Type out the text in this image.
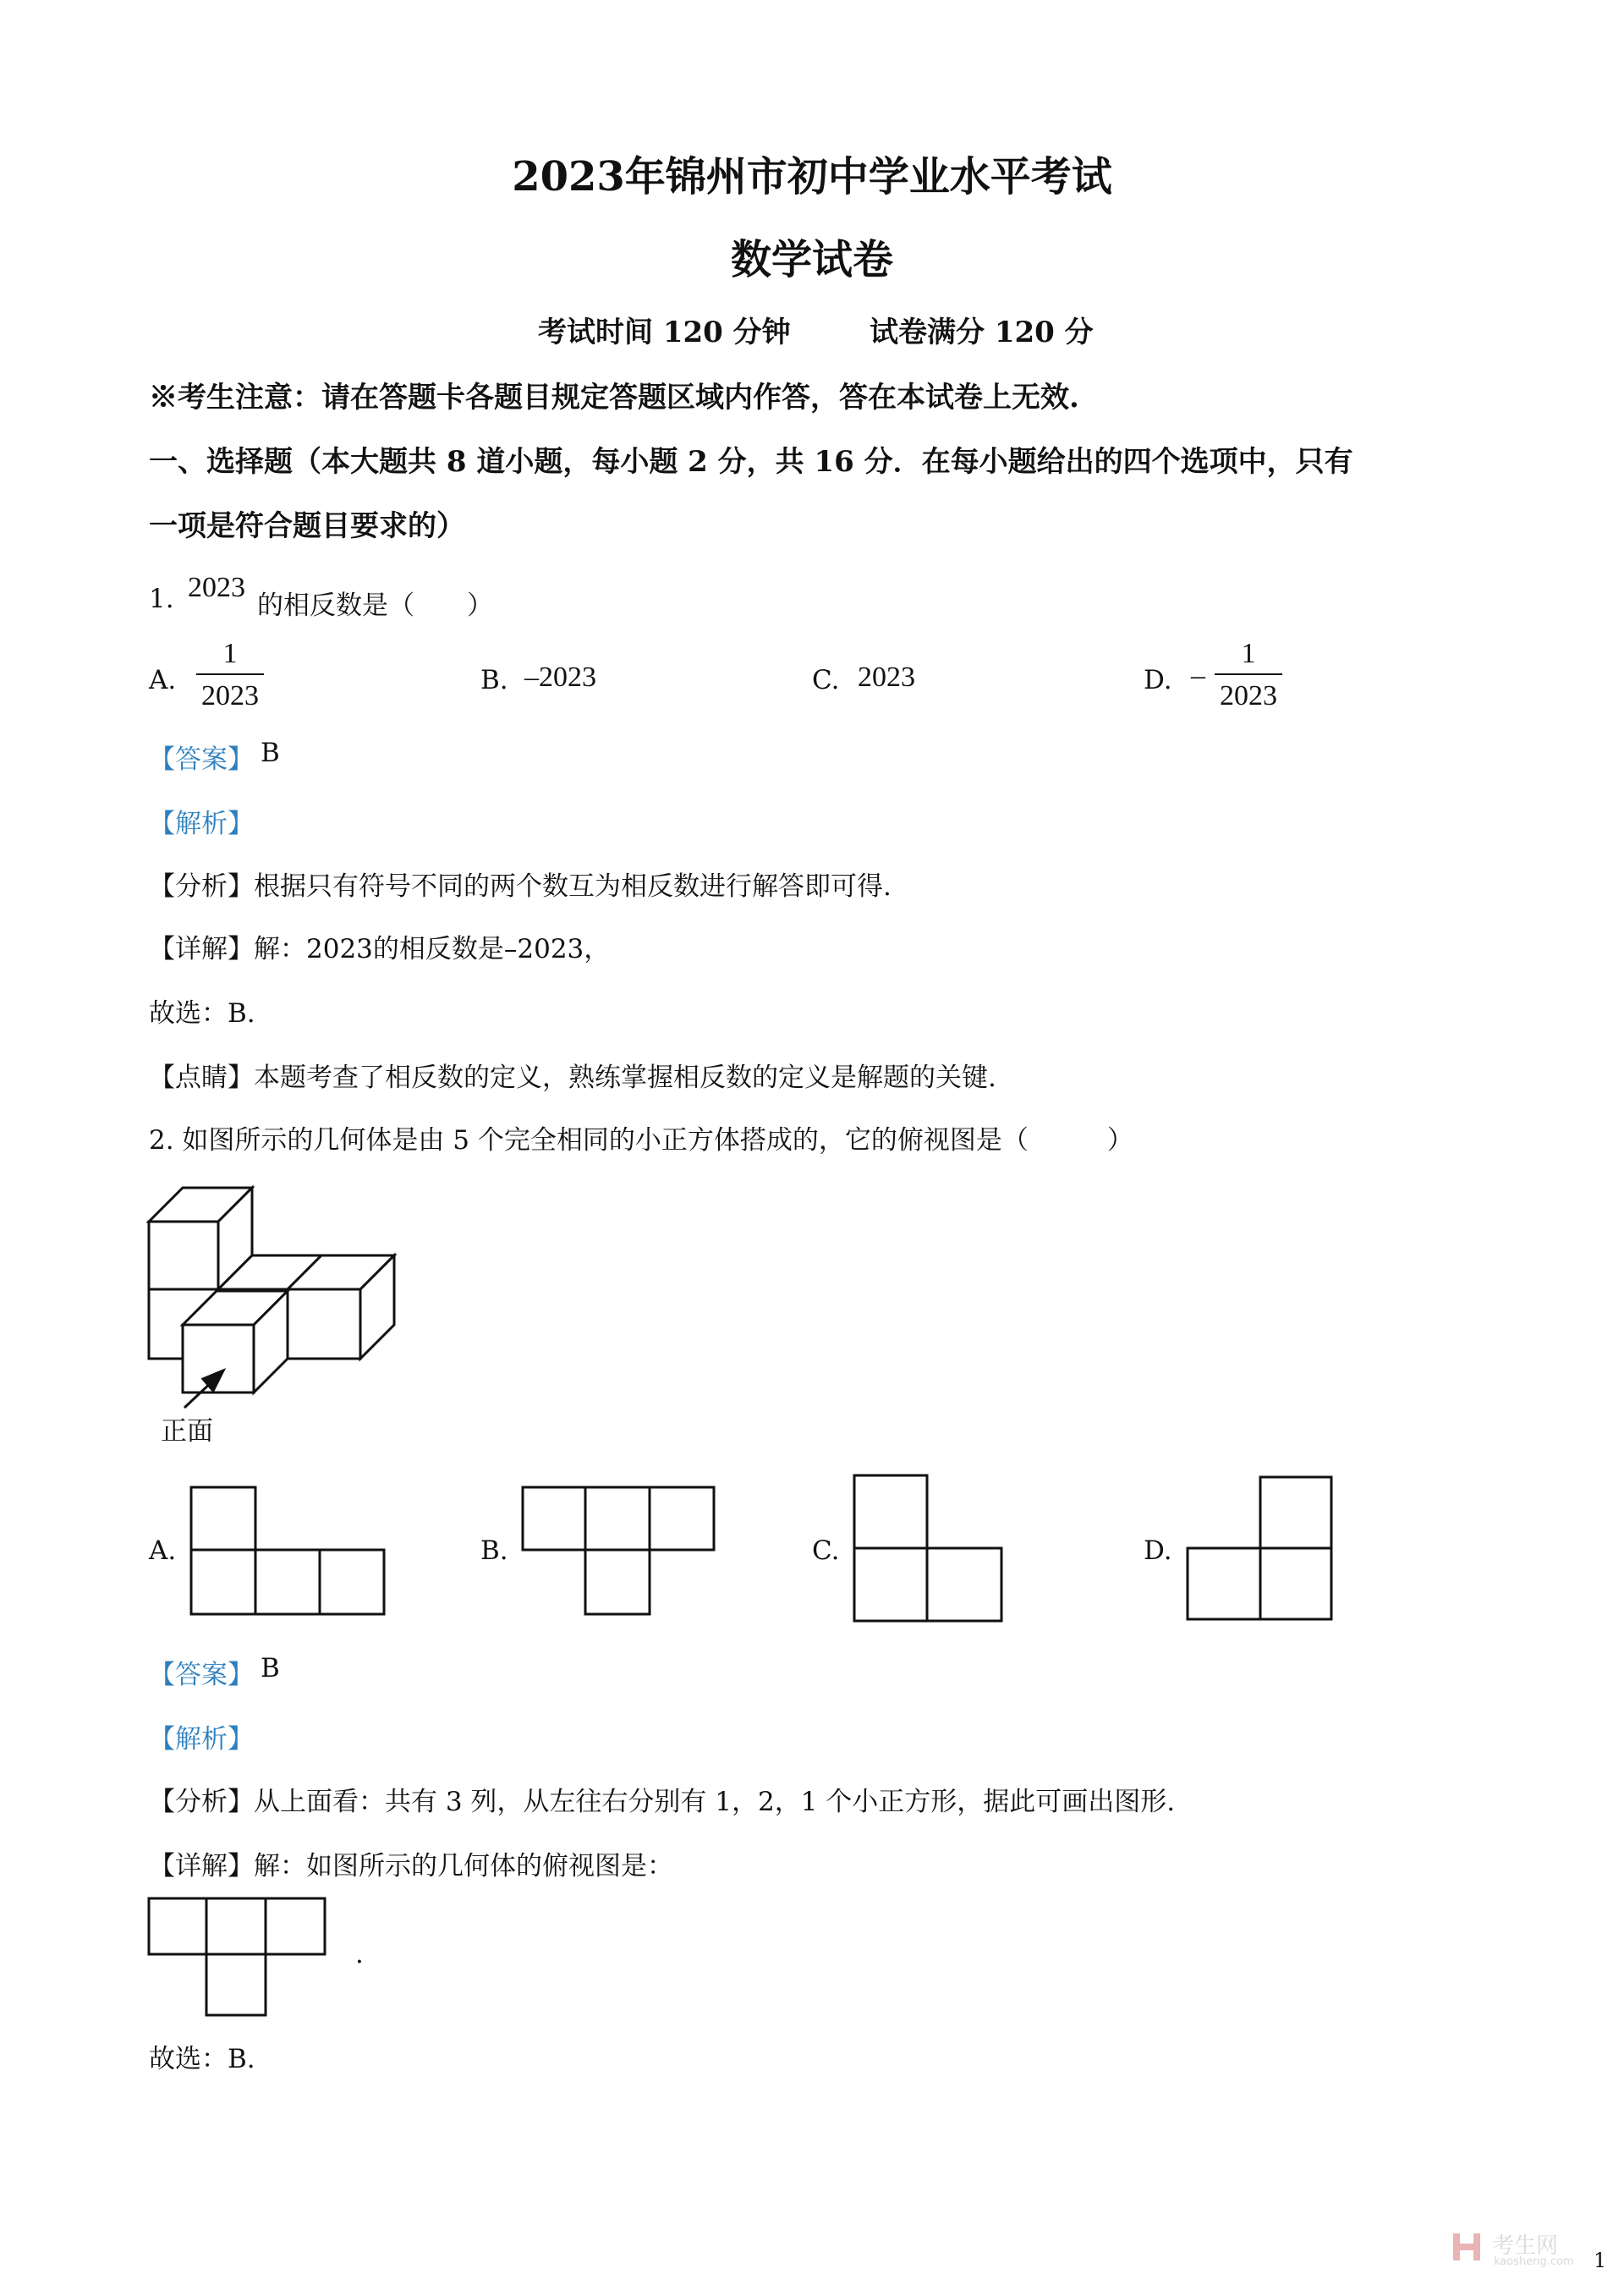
2023年锦州市初中学业水平考试
数学试卷
考试时间 120 分钟	试卷满分 120 分
※考生注意：请在答题卡各题目规定答题区域内作答，答在本试卷上无效.
一、选择题（本大题共 8 道小题，每小题 2 分，共 16 分．在每小题给出的四个选项中，只有
一项是符合题目要求的）
1. 2023
的相反数是（　　）
A.
1
2023	B. –2023	C. 2023	D. –
1
2023
【答案】 B
【解析】
【分析】根据只有符号不同的两个数互为相反数进行解答即可得.
【详解】解：2023的相反数是–2023，
故选：B.
【点睛】本题考查了相反数的定义，熟练掌握相反数的定义是解题的关键.
2. 如图所示的几何体是由 5 个完全相同的小正方体搭成的，它的俯视图是（　　　）
正面
A.	B.	C.	D.
【答案】 B
【解析】
【分析】从上面看：共有 3 列，从左往右分别有 1，2，1 个小正方形，据此可画出图形.
【详解】解：如图所示的几何体的俯视图是：
.
故选：B.
1
考生网
kaosheng.com
